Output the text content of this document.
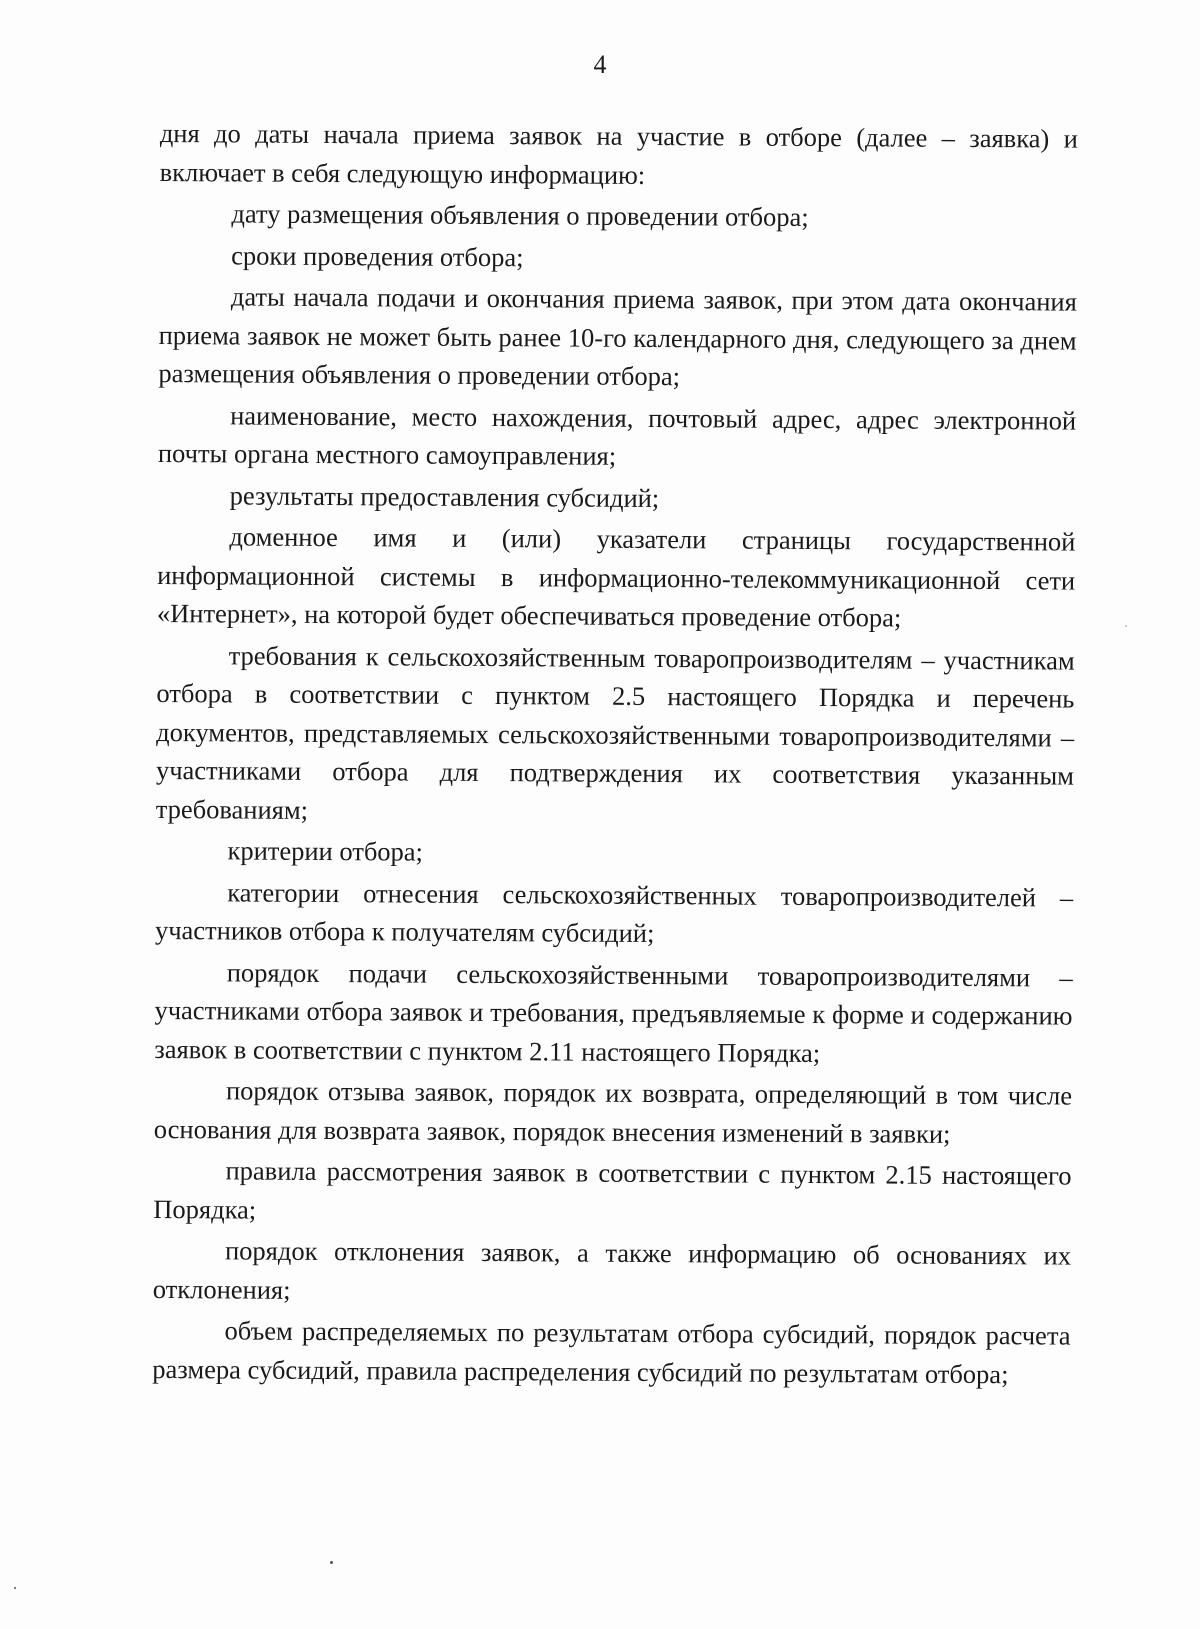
4

дня до даты начала приема заявок на участие в отборе (далее – заявка) и включает в себя следующую информацию:

дату размещения объявления о проведении отбора;

сроки проведения отбора;

даты начала подачи и окончания приема заявок, при этом дата окончания приема заявок не может быть ранее 10-го календарного дня, следующего за днем размещения объявления о проведении отбора;

наименование, место нахождения, почтовый адрес, адрес электронной почты органа местного самоуправления;

результаты предоставления субсидий;

доменное имя и (или) указатели страницы государственной информационной системы в информационно-телекоммуникационной сети «Интернет», на которой будет обеспечиваться проведение отбора;

требования к сельскохозяйственным товаропроизводителям – участникам отбора в соответствии с пунктом 2.5 настоящего Порядка и перечень документов, представляемых сельскохозяйственными товаропроизводителями – участниками отбора для подтверждения их соответствия указанным требованиям;

критерии отбора;

категории отнесения сельскохозяйственных товаропроизводителей – участников отбора к получателям субсидий;

порядок подачи сельскохозяйственными товаропроизводителями – участниками отбора заявок и требования, предъявляемые к форме и содержанию заявок в соответствии с пунктом 2.11 настоящего Порядка;

порядок отзыва заявок, порядок их возврата, определяющий в том числе основания для возврата заявок, порядок внесения изменений в заявки;

правила рассмотрения заявок в соответствии с пунктом 2.15 настоящего Порядка;

порядок отклонения заявок, а также информацию об основаниях их отклонения;

объем распределяемых по результатам отбора субсидий, порядок расчета размера субсидий, правила распределения субсидий по результатам отбора;
